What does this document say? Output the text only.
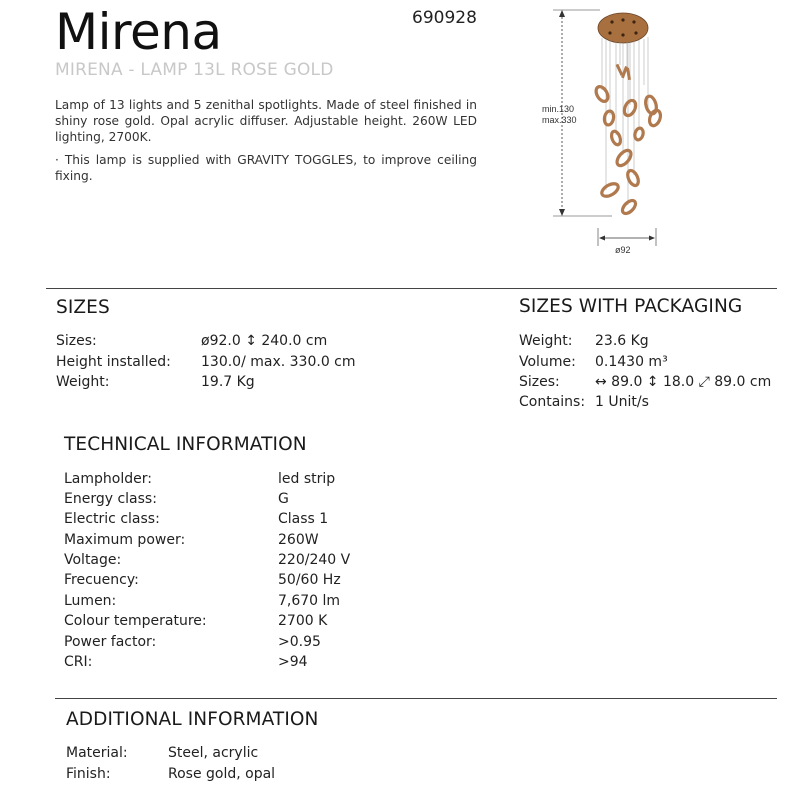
Mirena	690928
MIRENA - LAMP 13L ROSE GOLD

Lamp of 13 lights and 5 zenithal spotlights. Made of steel finished in shiny rose gold. Opal acrylic diffuser. Adjustable height. 260W LED lighting, 2700K.

· This lamp is supplied with GRAVITY TOGGLES, to improve ceiling fixing.

min.130
max.330
ø92
SIZES
Sizes:	ø92.0 ↕ 240.0 cm
Height installed: 130.0/ max. 330.0 cm
Weight:	19.7 Kg
SIZES WITH PACKAGING
Weight: 23.6 Kg
Volume: 0.1430 m³
Sizes:	↔ 89.0 ↕ 18.0 ⤢ 89.0 cm
Contains: 1 Unit/s
TECHNICAL INFORMATION
Lampholder:	led strip
Energy class:	G
Electric class:	Class 1
Maximum power:	260W
Voltage:	220/240 V
Frecuency:	50/60 Hz
Lumen:	7,670 lm
Colour temperature:	2700 K
Power factor:	>0.95
CRI:	>94
ADDITIONAL INFORMATION
Material:	Steel, acrylic
Finish:	Rose gold, opal
